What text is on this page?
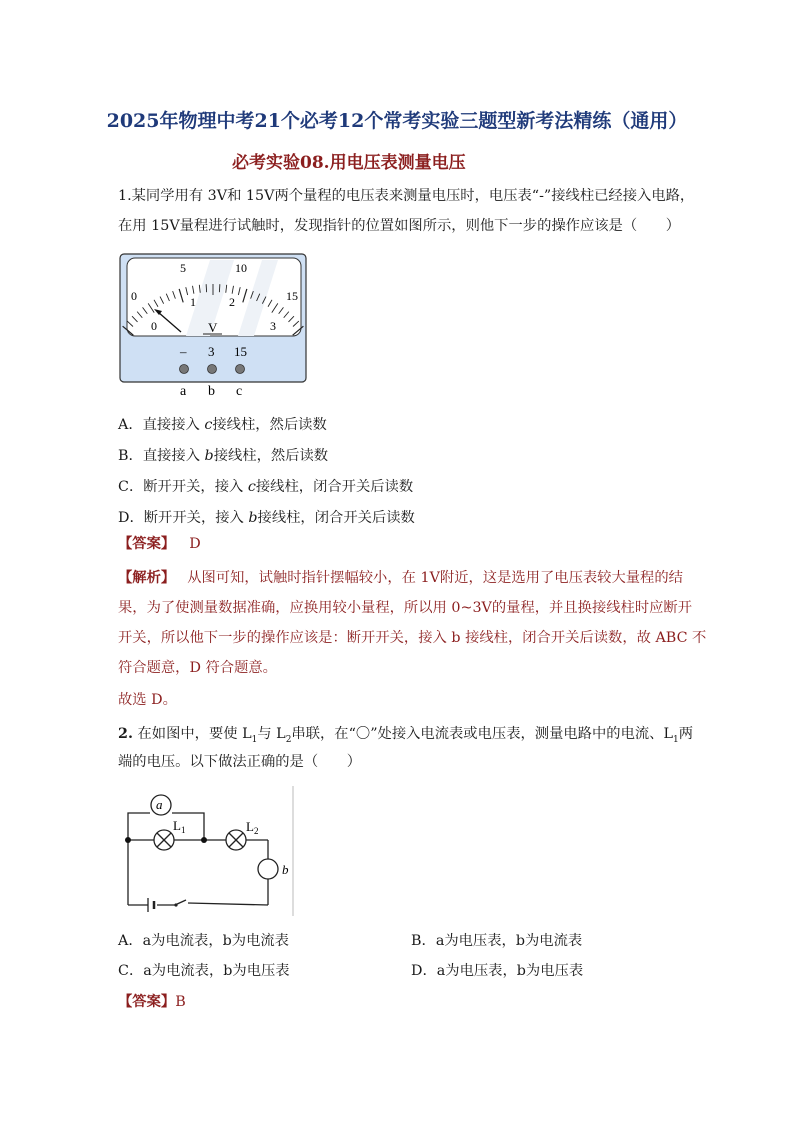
2025年物理中考21个必考12个常考实验三题型新考法精练（通用）
必考实验08.用电压表测量电压
1.某同学用有 3V和 15V两个量程的电压表来测量电压时，电压表“-”接线柱已经接入电路，
在用 15V量程进行试触时，发现指针的位置如图所示，则他下一步的操作应该是（　　）
0
5	10
15
0
1	2
3
V
– 3 15
a b c
A．直接接入 c接线柱，然后读数
B．直接接入 b接线柱，然后读数
C．断开开关，接入 c接线柱，闭合开关后读数
D．断开开关，接入 b接线柱，闭合开关后读数
【答案】 D
【解析】 从图可知，试触时指针摆幅较小，在 1V附近，这是选用了电压表较大量程的结
果，为了使测量数据准确，应换用较小量程，所以用 0~3V的量程，并且换接线柱时应断开
开关，所以他下一步的操作应该是：断开开关，接入 b 接线柱，闭合开关后读数，故 ABC 不
符合题意，D 符合题意。
故选 D。
2. 在如图中，要使 $L_1$与 $L_2$串联，在“〇”处接入电流表或电压表，测量电路中的电流、$L_1$两
端的电压。以下做法正确的是（　　）
a
$L_1$	$L_2$
b
A．a为电流表，b为电流表	B．a为电压表，b为电流表
C．a为电流表，b为电压表	D．a为电压表，b为电压表
【答案】B
